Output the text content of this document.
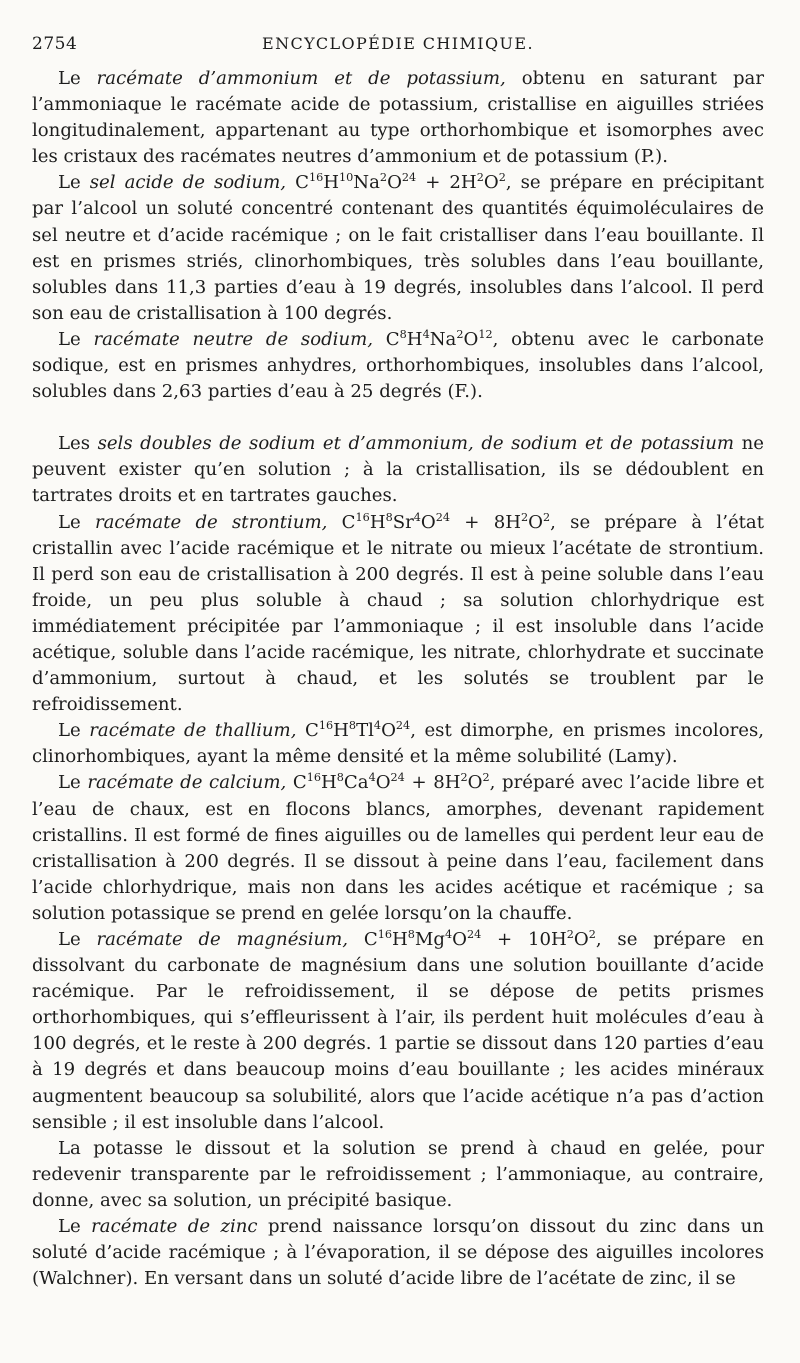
2754	ENCYCLOPÉDIE CHIMIQUE.

Le racémate d’ammonium et de potassium, obtenu en saturant par l’ammoniaque le racémate acide de potassium, cristallise en aiguilles striées longitudinalement, appartenant au type orthorhombique et isomorphes avec les cristaux des racémates neutres d’ammonium et de potassium (P.).

Le sel acide de sodium, $C^{16}H^{10}Na^2O^{24} + 2H^2O^2$, se prépare en précipitant par l’alcool un soluté concentré contenant des quantités équimoléculaires de sel neutre et d’acide racémique ; on le fait cristalliser dans l’eau bouillante. Il est en prismes striés, clinorhombiques, très solubles dans l’eau bouillante, solubles dans 11,3 parties d’eau à 19 degrés, insolubles dans l’alcool. Il perd son eau de cristallisation à 100 degrés.

Le racémate neutre de sodium, $C^8H^4Na^2O^{12}$, obtenu avec le carbonate sodique, est en prismes anhydres, orthorhombiques, insolubles dans l’alcool, solubles dans 2,63 parties d’eau à 25 degrés (F.).

Les sels doubles de sodium et d’ammonium, de sodium et de potassium ne peuvent exister qu’en solution ; à la cristallisation, ils se dédoublent en tartrates droits et en tartrates gauches.

Le racémate de strontium, $C^{16}H^8Sr^4O^{24} + 8H^2O^2$, se prépare à l’état cristallin avec l’acide racémique et le nitrate ou mieux l’acétate de strontium. Il perd son eau de cristallisation à 200 degrés. Il est à peine soluble dans l’eau froide, un peu plus soluble à chaud ; sa solution chlorhydrique est immédiatement précipitée par l’ammoniaque ; il est insoluble dans l’acide acétique, soluble dans l’acide racémique, les nitrate, chlorhydrate et succinate d’ammonium, surtout à chaud, et les solutés se troublent par le refroidissement.

Le racémate de thallium, $C^{16}H^8Tl^4O^{24}$, est dimorphe, en prismes incolores, clinorhombiques, ayant la même densité et la même solubilité (Lamy).

Le racémate de calcium, $C^{16}H^8Ca^4O^{24} + 8H^2O^2$, préparé avec l’acide libre et l’eau de chaux, est en flocons blancs, amorphes, devenant rapidement cristallins. Il est formé de fines aiguilles ou de lamelles qui perdent leur eau de cristallisation à 200 degrés. Il se dissout à peine dans l’eau, facilement dans l’acide chlorhydrique, mais non dans les acides acétique et racémique ; sa solution potassique se prend en gelée lorsqu’on la chauffe.

Le racémate de magnésium, $C^{16}H^8Mg^4O^{24} + 10H^2O^2$, se prépare en dissolvant du carbonate de magnésium dans une solution bouillante d’acide racémique. Par le refroidissement, il se dépose de petits prismes orthorhombiques, qui s’effleurissent à l’air, ils perdent huit molécules d’eau à 100 degrés, et le reste à 200 degrés. 1 partie se dissout dans 120 parties d’eau à 19 degrés et dans beaucoup moins d’eau bouillante ; les acides minéraux augmentent beaucoup sa solubilité, alors que l’acide acétique n’a pas d’action sensible ; il est insoluble dans l’alcool.

La potasse le dissout et la solution se prend à chaud en gelée, pour redevenir transparente par le refroidissement ; l’ammoniaque, au contraire, donne, avec sa solution, un précipité basique.

Le racémate de zinc prend naissance lorsqu’on dissout du zinc dans un soluté d’acide racémique ; à l’évaporation, il se dépose des aiguilles incolores (Walchner). En versant dans un soluté d’acide libre de l’acétate de zinc, il se
